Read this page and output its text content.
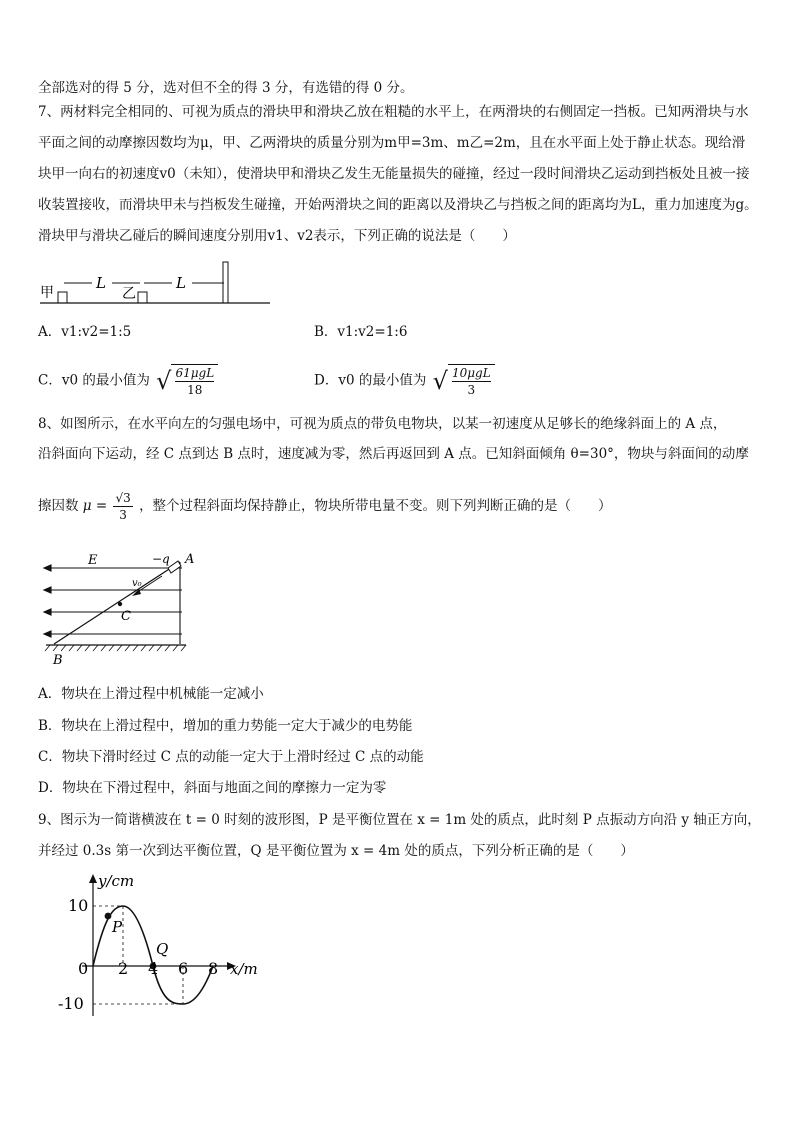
全部选对的得 5 分，选对但不全的得 3 分，有选错的得 0 分。
7、两材料完全相同的、可视为质点的滑块甲和滑块乙放在粗糙的水平上，在两滑块的右侧固定一挡板。已知两滑块与水平面之间的动摩擦因数均为μ，甲、乙两滑块的质量分别为m甲=3m、m乙=2m，且在水平面上处于静止状态。现给滑块甲一向右的初速度v0（未知），使滑块甲和滑块乙发生无能量损失的碰撞，经过一段时间滑块乙运动到挡板处且被一接收装置接收，而滑块甲未与挡板发生碰撞，开始两滑块之间的距离以及滑块乙与挡板之间的距离均为L，重力加速度为g。滑块甲与滑块乙碰后的瞬间速度分别用v1、v2表示，下列正确的说法是（　　）
甲	乙
L	L
A．v1:v2=1:5	B．v1:v2=1:6
C．v0 的最小值为 √ 61μgL
18
D．v0 的最小值为 √ 10μgL
3
8、如图所示，在水平向左的匀强电场中，可视为质点的带负电物块，以某一初速度从足够长的绝缘斜面上的 A 点，
沿斜面向下运动，经 C 点到达 B 点时，速度减为零，然后再返回到 A 点。已知斜面倾角 θ=30°，物块与斜面间的动摩
擦因数 $\mu = \frac{√3}{3}$ ，整个过程斜面均保持静止，物块所带电量不变。则下列判断正确的是（　　）
E	−q A
v₀
C
B
A．物块在上滑过程中机械能一定减小
B．物块在上滑过程中，增加的重力势能一定大于减少的电势能
C．物块下滑时经过 C 点的动能一定大于上滑时经过 C 点的动能
D．物块在下滑过程中，斜面与地面之间的摩擦力一定为零
9、图示为一简谐横波在 t = 0 时刻的波形图，P 是平衡位置在 x = 1m 处的质点，此时刻 P 点振动方向沿 y 轴正方向，
并经过 0.3s 第一次到达平衡位置，Q 是平衡位置为 x = 4m 处的质点，下列分析正确的是（　　）
y/cm
x/m
10
-10
0 2 4 6 8
P
Q
